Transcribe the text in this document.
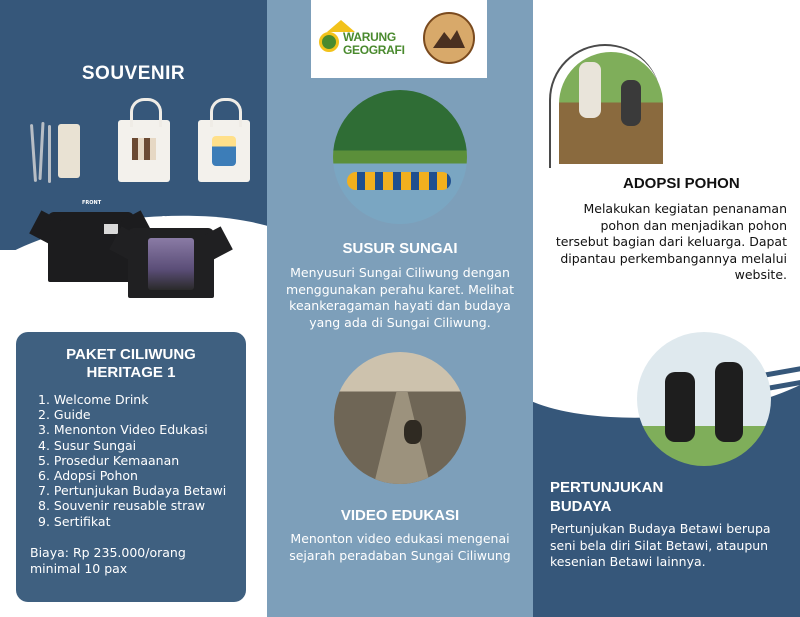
SOUVENIR
FRONT
BACK
PAKET CILIWUNG
HERITAGE 1
1. Welcome Drink
2. Guide
3. Menonton Video Edukasi
4. Susur Sungai
5. Prosedur Kemaanan
6. Adopsi Pohon
7. Pertunjukan Budaya Betawi
8. Souvenir reusable straw
9. Sertifikat
Biaya: Rp 235.000/orang
minimal 10 pax
WARUNG
GEOGRAFI
SUSUR SUNGAI

Menyusuri Sungai Ciliwung dengan menggunakan perahu karet. Melihat keankeragaman hayati dan budaya yang ada di Sungai Ciliwung.

VIDEO EDUKASI

Menonton video edukasi mengenai sejarah peradaban Sungai Ciliwung

ADOPSI POHON

Melakukan kegiatan penanaman pohon dan menjadikan pohon tersebut bagian dari keluarga. Dapat dipantau perkembangannya melalui website.

PERTUNJUKAN
BUDAYA

Pertunjukan Budaya Betawi berupa seni bela diri Silat Betawi, ataupun kesenian Betawi lainnya.
